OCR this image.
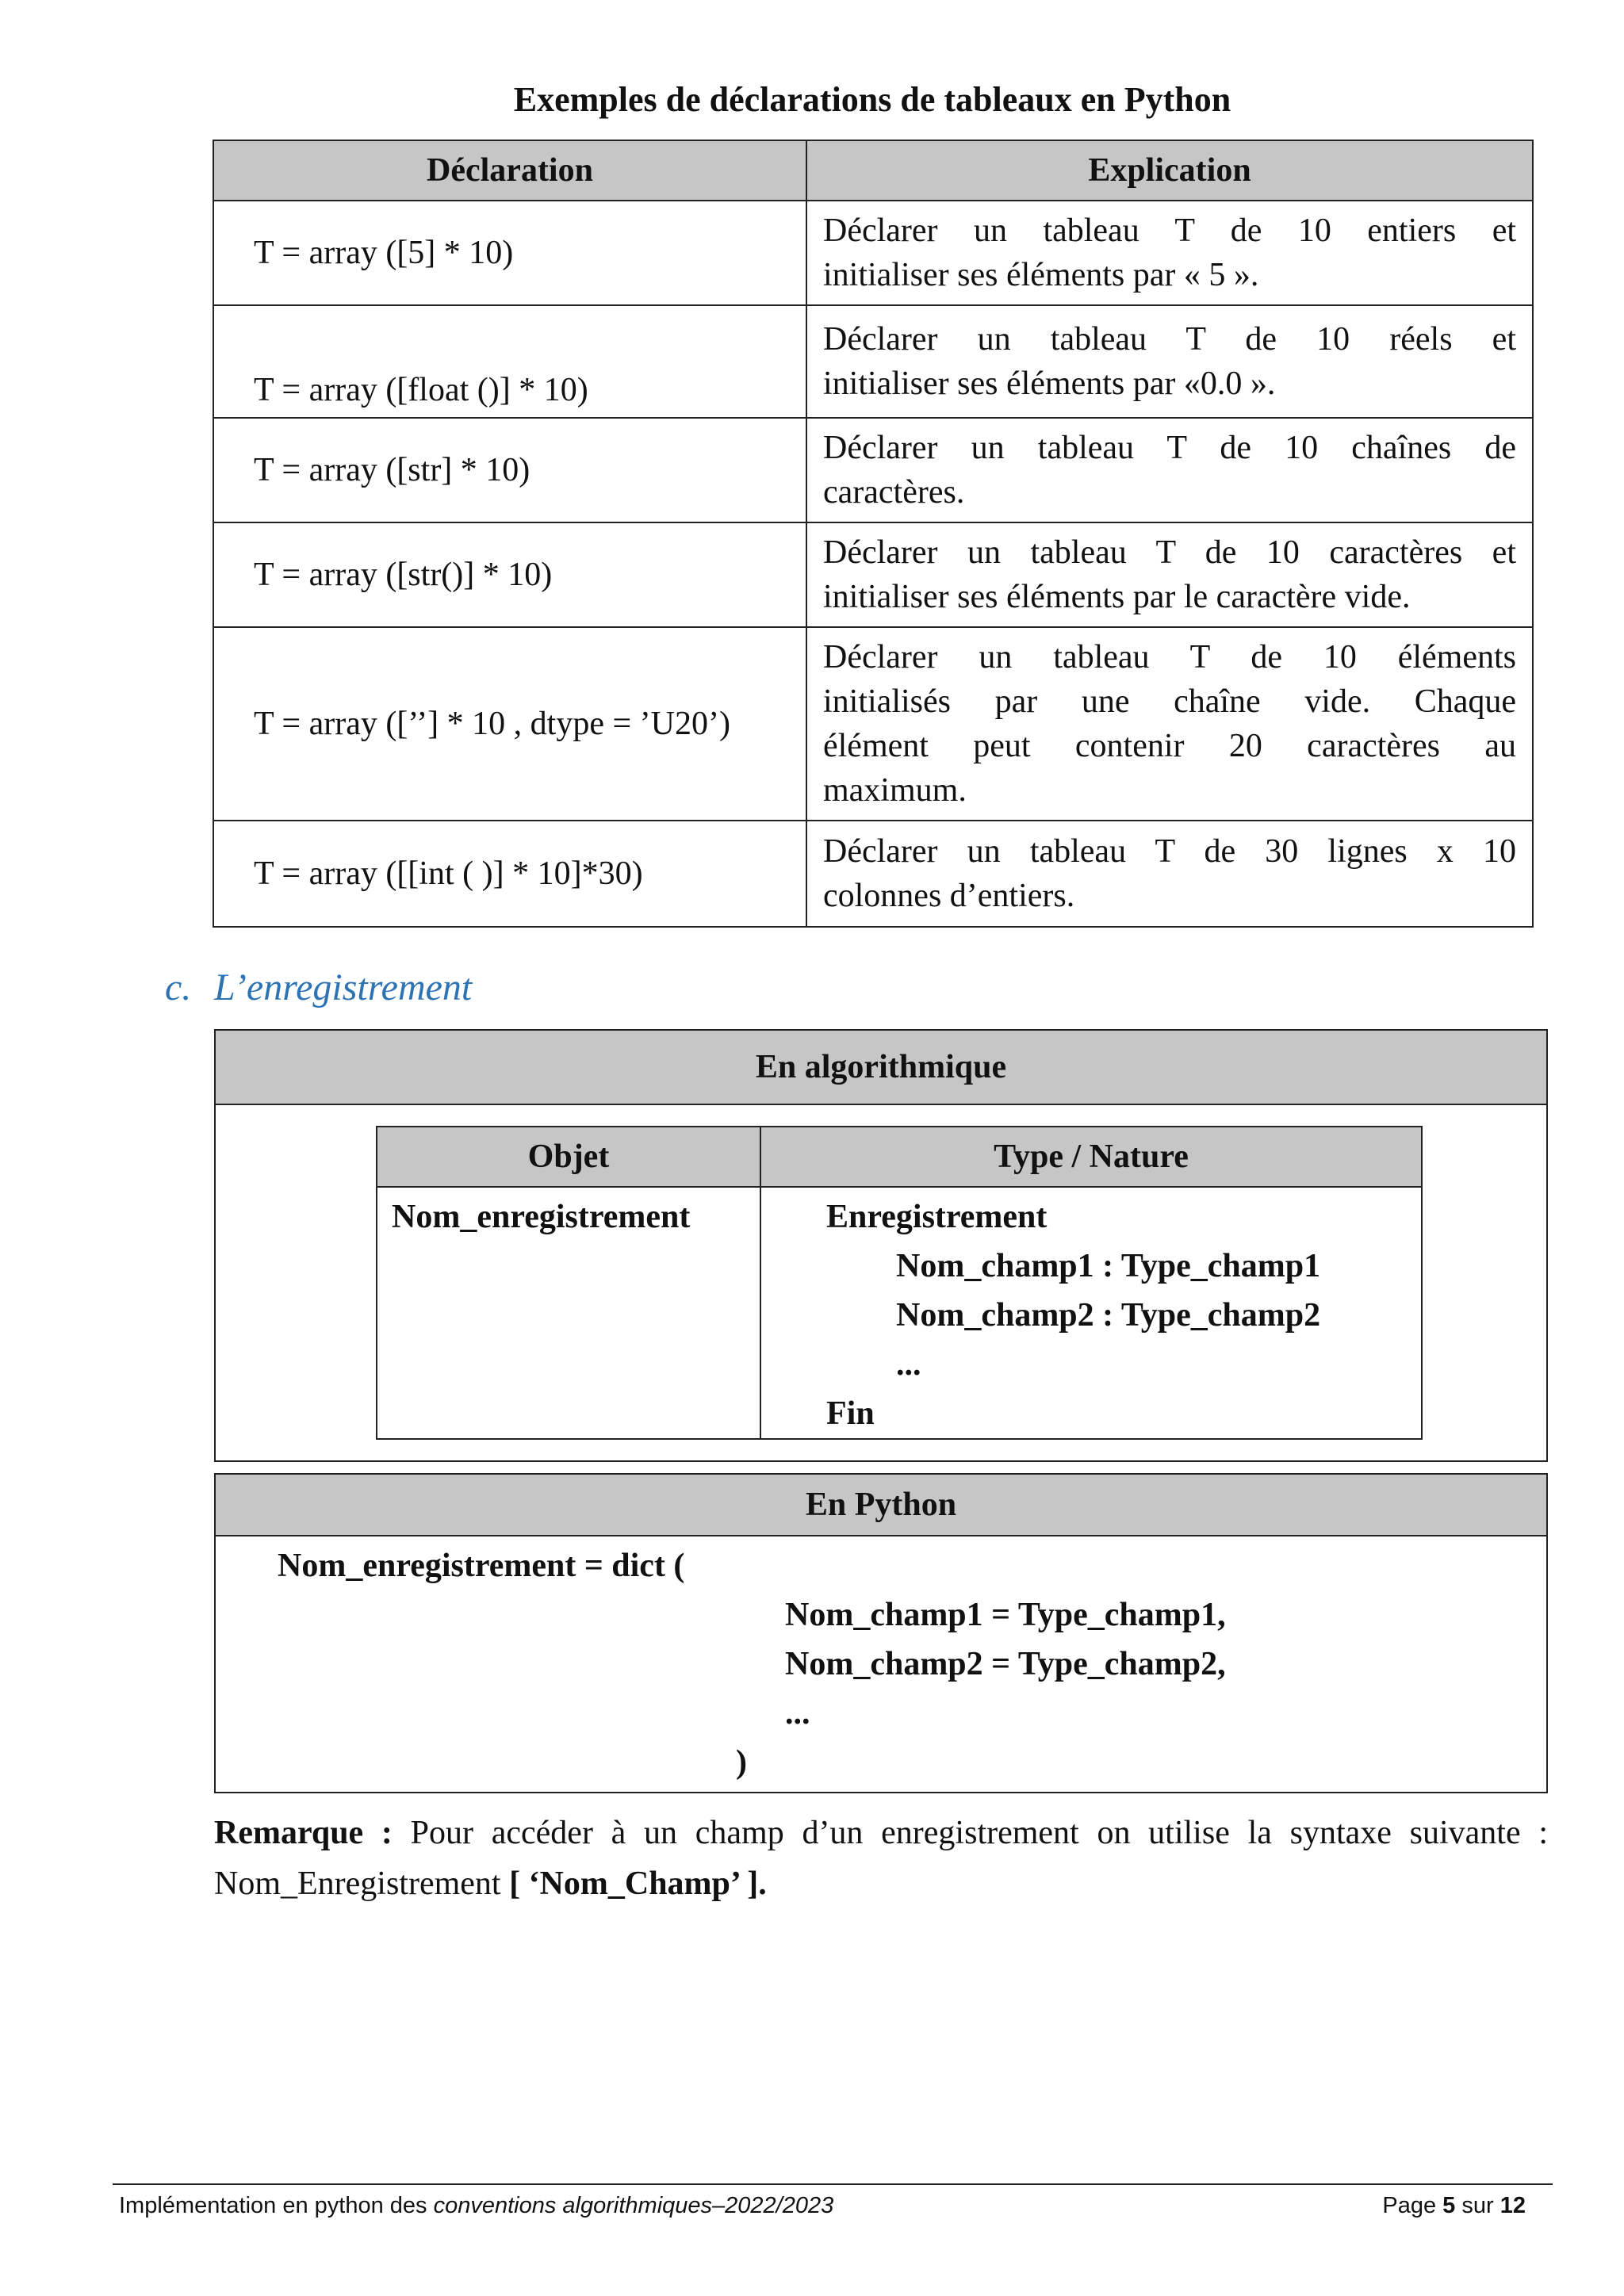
Exemples de déclarations de tableaux en Python
Déclaration	Explication
T = array ([5] * 10)	Déclarer un tableau T de 10 entiers et
initialiser ses éléments par « 5 ».

T = array ([float ()] * 10)	Déclarer un tableau T de 10 réels et
initialiser ses éléments par «0.0 ».

T = array ([str] * 10)	Déclarer un tableau T de 10 chaînes de
caractères.

T = array ([str()] * 10)	Déclarer un tableau T de 10 caractères et
initialiser ses éléments par le caractère vide.

T = array ([’’] * 10 , dtype = ’U20’)	Déclarer un tableau T de 10 éléments
initialisés par une chaîne vide. Chaque
élément peut contenir 20 caractères au
maximum.

T = array ([[int ( )] * 10]*30)	Déclarer un tableau T de 30 lignes x 10
colonnes d’entiers.
c. L’enregistrement
En algorithmique
Objet	Type / Nature

Nom_enregistrement	Enregistrement
Nom_champ1 : Type_champ1
Nom_champ2 : Type_champ2
...
Fin
En Python
Nom_enregistrement = dict (
Nom_champ1 = Type_champ1,
Nom_champ2 = Type_champ2,
...
)
Remarque : Pour accéder à un champ d’un enregistrement on utilise la syntaxe suivante : Nom_Enregistrement [ ‘Nom_Champ’ ].
Implémentation en python des conventions algorithmiques–2022/2023	Page 5 sur 12
